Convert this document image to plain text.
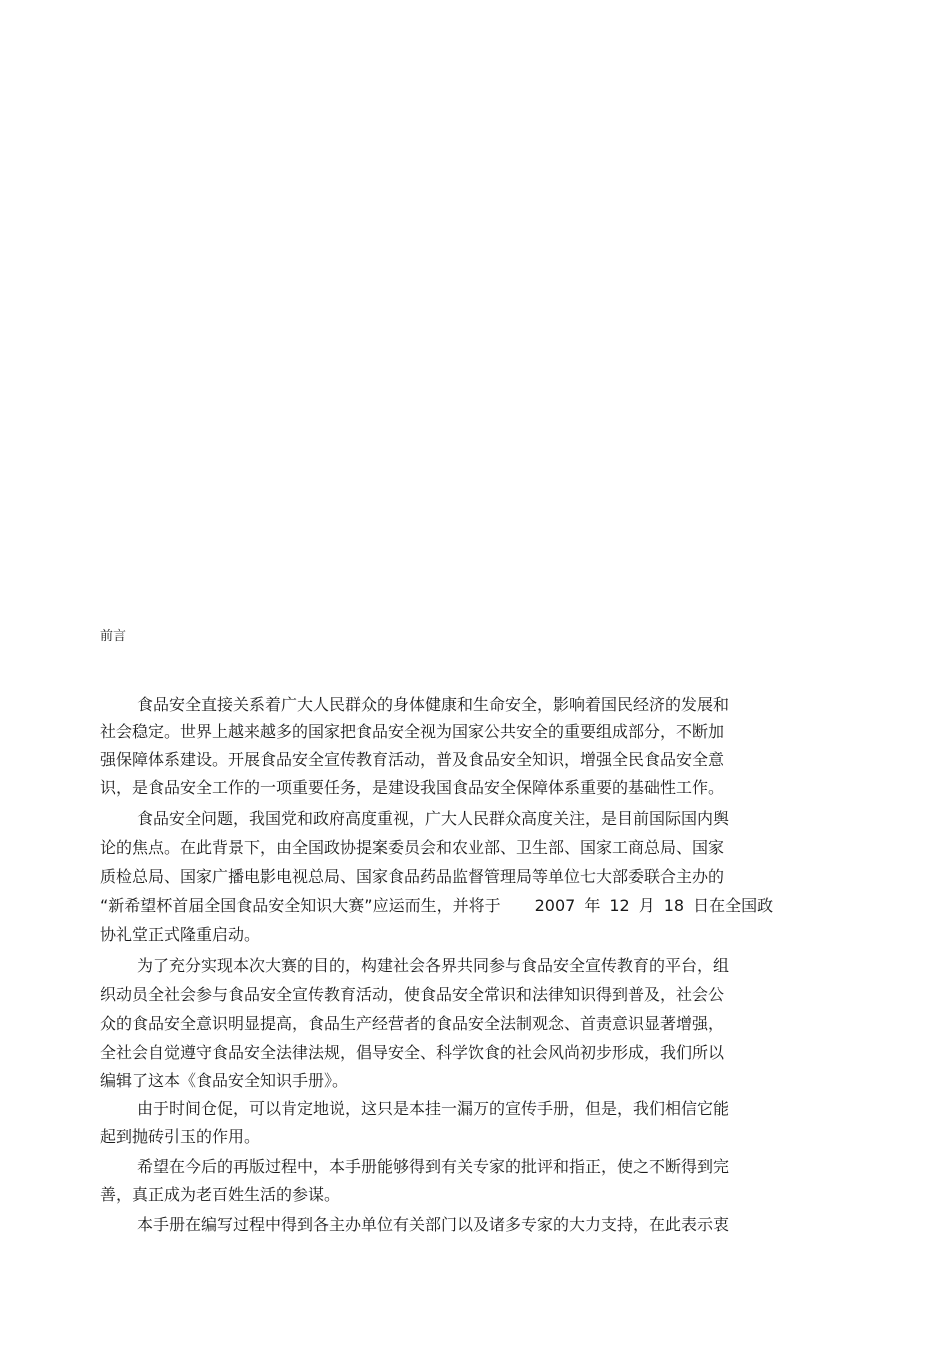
前言

食品安全直接关系着广大人民群众的身体健康和生命安全，影响着国民经济的发展和

社会稳定。世界上越来越多的国家把食品安全视为国家公共安全的重要组成部分，不断加

强保障体系建设。开展食品安全宣传教育活动，普及食品安全知识，增强全民食品安全意

识，是食品安全工作的一项重要任务，是建设我国食品安全保障体系重要的基础性工作。

食品安全问题，我国党和政府高度重视，广大人民群众高度关注，是目前国际国内舆

论的焦点。在此背景下，由全国政协提案委员会和农业部、卫生部、国家工商总局、国家

质检总局、国家广播电影电视总局、国家食品药品监督管理局等单位七大部委联合主办的

“新希望杯首届全国食品安全知识大赛”应运而生，并将于 2007 年 12 月 18 日在全国政

协礼堂正式隆重启动。

为了充分实现本次大赛的目的，构建社会各界共同参与食品安全宣传教育的平台，组

织动员全社会参与食品安全宣传教育活动，使食品安全常识和法律知识得到普及，社会公

众的食品安全意识明显提高，食品生产经营者的食品安全法制观念、首责意识显著增强，

全社会自觉遵守食品安全法律法规，倡导安全、科学饮食的社会风尚初步形成，我们所以

编辑了这本《食品安全知识手册》。

由于时间仓促，可以肯定地说，这只是本挂一漏万的宣传手册，但是，我们相信它能

起到抛砖引玉的作用。

希望在今后的再版过程中，本手册能够得到有关专家的批评和指正，使之不断得到完

善，真正成为老百姓生活的参谋。

本手册在编写过程中得到各主办单位有关部门以及诸多专家的大力支持，在此表示衷
